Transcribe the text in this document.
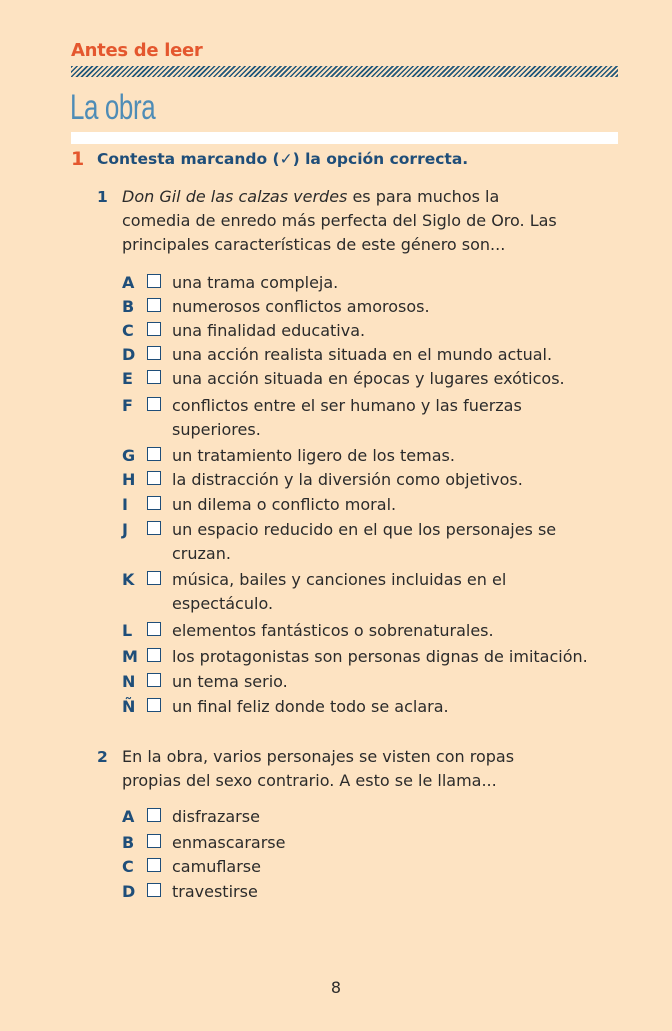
Antes de leer
La obra
1 Contesta marcando (✓) la opción correcta.
1 Don Gil de las calzas verdes es para muchos la
comedia de enredo más perfecta del Siglo de Oro. Las
principales características de este género son...
A	una trama compleja.
B	numerosos conflictos amorosos.
C	una finalidad educativa.
D	una acción realista situada en el mundo actual.
E	una acción situada en épocas y lugares exóticos.
F	conflictos entre el ser humano y las fuerzas
superiores.
G	un tratamiento ligero de los temas.
H	la distracción y la diversión como objetivos.
I	un dilema o conflicto moral.
J	un espacio reducido en el que los personajes se
cruzan.
K	música, bailes y canciones incluidas en el
espectáculo.
L	elementos fantásticos o sobrenaturales.
M	los protagonistas son personas dignas de imitación.
N	un tema serio.
Ñ	un final feliz donde todo se aclara.
2 En la obra, varios personajes se visten con ropas
propias del sexo contrario. A esto se le llama...
A	disfrazarse
B	enmascararse
C	camuflarse
D	travestirse
8
